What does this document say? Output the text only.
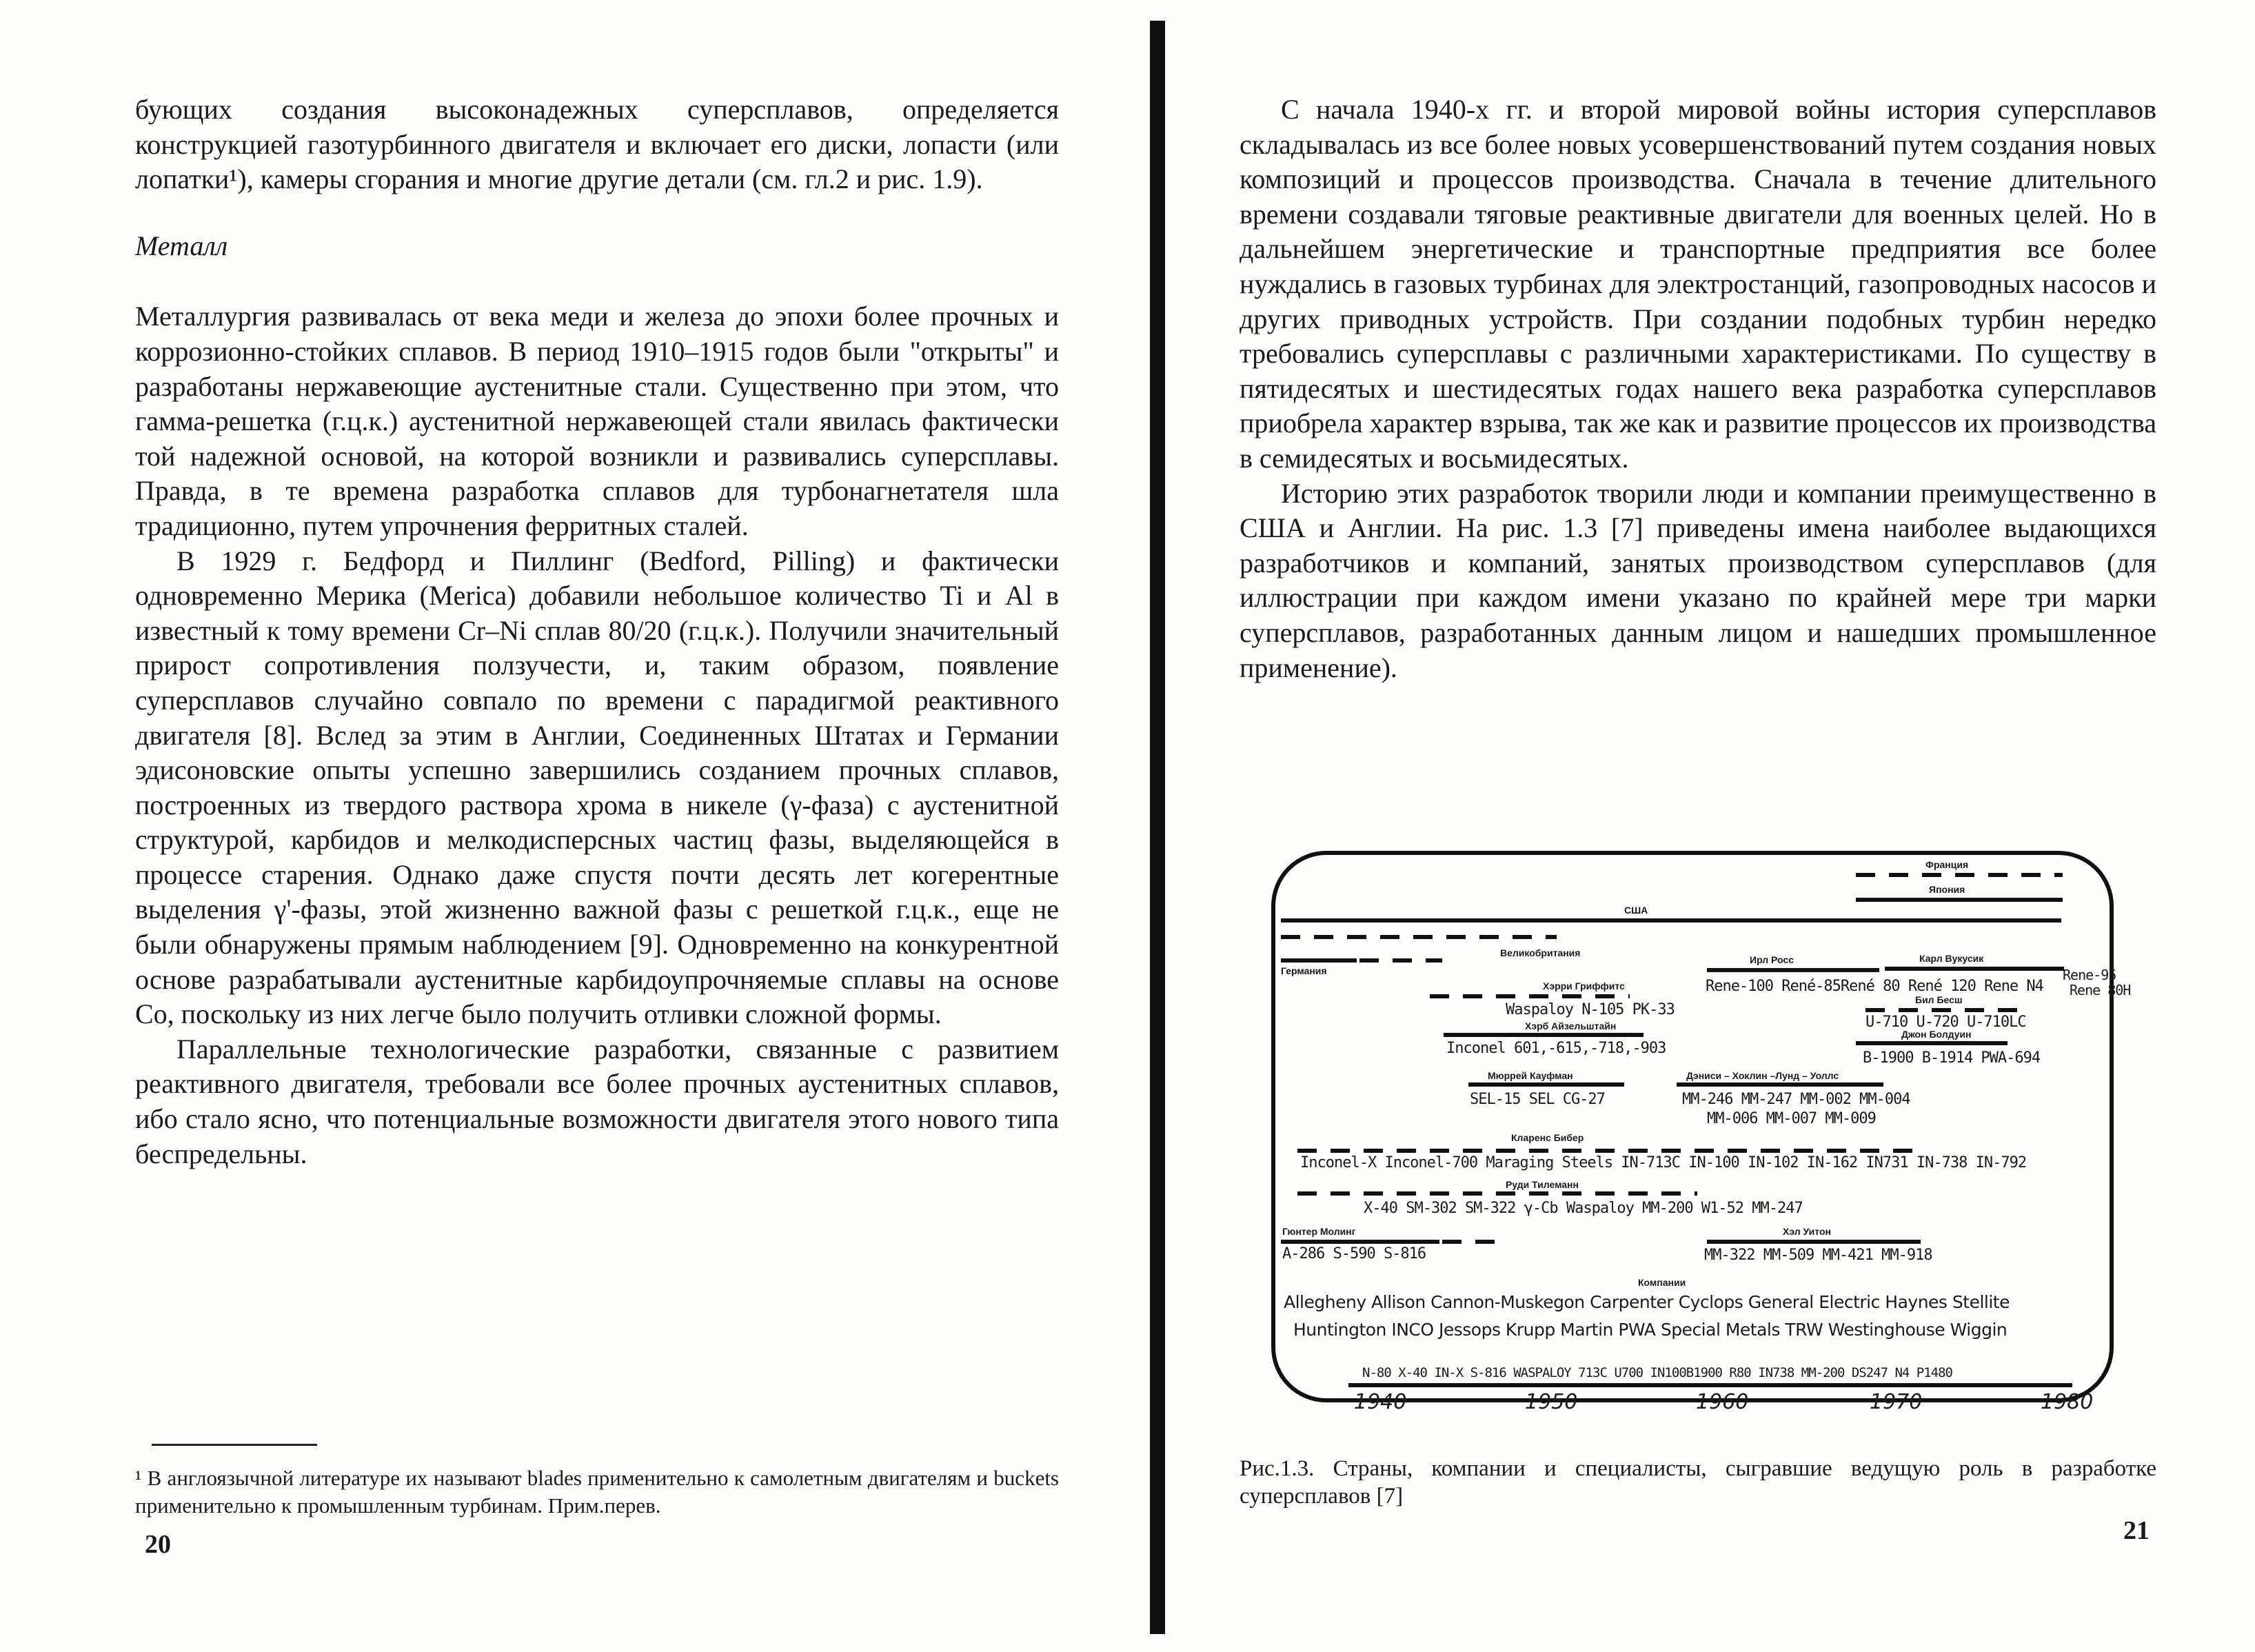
бующих создания высоконадежных суперсплавов, определяется конструкцией газотурбинного двигателя и включает его диски, лопасти (или лопатки¹), камеры сгорания и многие другие детали (см. гл.2 и рис. 1.9).

Металл

Металлургия развивалась от века меди и железа до эпохи более прочных и коррозионно-стойких сплавов. В период 1910–1915 годов были "открыты" и разработаны нержавеющие аустенитные стали. Существенно при этом, что гамма-решетка (г.ц.к.) аустенитной нержавеющей стали явилась фактически той надежной основой, на которой возникли и развивались суперсплавы. Правда, в те времена разработка сплавов для турбонагнетателя шла традиционно, путем упрочнения ферритных сталей.

В 1929 г. Бедфорд и Пиллинг (Bedford, Pilling) и фактически одновременно Мерика (Merica) добавили небольшое количество Ti и Al в известный к тому времени Cr–Ni сплав 80/20 (г.ц.к.). Получили значительный прирост сопротивления ползучести, и, таким образом, появление суперсплавов случайно совпало по времени с парадигмой реактивного двигателя [8]. Вслед за этим в Англии, Соединенных Штатах и Германии эдисоновские опыты успешно завершились созданием прочных сплавов, построенных из твердого раствора хрома в никеле (γ-фаза) с аустенитной структурой, карбидов и мелкодисперсных частиц фазы, выделяющейся в процессе старения. Однако даже спустя почти десять лет когерентные выделения γ'-фазы, этой жизненно важной фазы с решеткой г.ц.к., еще не были обнаружены прямым наблюдением [9]. Одновременно на конкурентной основе разрабатывали аустенитные карбидоупрочняемые сплавы на основе Co, поскольку из них легче было получить отливки сложной формы.

Параллельные технологические разработки, связанные с развитием реактивного двигателя, требовали все более прочных аустенитных сплавов, ибо стало ясно, что потенциальные возможности двигателя этого нового типа беспредельны.

¹ В англоязычной литературе их называют blades применительно к самолетным двигателям и buckets применительно к промышленным турбинам. Прим.перев.

20

С начала 1940-х гг. и второй мировой войны история суперсплавов складывалась из все более новых усовершенствований путем создания новых композиций и процессов производства. Сначала в течение длительного времени создавали тяговые реактивные двигатели для военных целей. Но в дальнейшем энергетические и транспортные предприятия все более нуждались в газовых турбинах для электростанций, газопроводных насосов и других приводных устройств. При создании подобных турбин нередко требовались суперсплавы с различными характеристиками. По существу в пятидесятых и шестидесятых годах нашего века разработка суперсплавов приобрела характер взрыва, так же как и развитие процессов их производства в семидесятых и восьмидесятых.

Историю этих разработок творили люди и компании преимущественно в США и Англии. На рис. 1.3 [7] приведены имена наиболее выдающихся разработчиков и компаний, занятых производством суперсплавов (для иллюстрации при каждом имени указано по крайней мере три марки суперсплавов, разработанных данным лицом и нашедших промышленное применение).

Франция
Япония
США
Великобритания
Германия
Ирл Росс	Карл Вукусик
Хэрри Гриффитс	Rene-100 René-85René 80 René 120 Rene N4
Rene-95
Rene 80H
Бил Бесш
Waspaloy N-105 PK-33
U-710 U-720 U-710LC
Хэрб Айзельштайн
Джон Болдуин
Inconel 601,-615,-718,-903
B-1900 B-1914 PWA-694
Мюррей Кауфман	Дэниси – Хоклин –Лунд – Уоллс
SEL-15 SEL CG-27	MM-246 MM-247 MM-002 MM-004
MM-006 MM-007 MM-009
Кларенс Бибер
Inconel-X Inconel-700 Maraging Steels IN-713C IN-100 IN-102 IN-162 IN731 IN-738 IN-792
Руди Тилеманн
X-40 SM-302 SM-322 γ-Cb Waspaloy MM-200 W1-52 MM-247
Гюнтер Молинг	Хэл Уитон
A-286 S-590 S-816	MM-322 MM-509 MM-421 MM-918
Компании
Allegheny Allison Cannon-Muskegon Carpenter Cyclops General Electric Haynes Stellite
Huntington INCO Jessops Krupp Martin PWA Special Metals TRW Westinghouse Wiggin
N-80 X-40 IN-X S-816 WASPALOY 713C U700 IN100B1900 R80 IN738 MM-200 DS247 N4 P1480
1940	1950	1960	1970	1980

Рис.1.3. Страны, компании и специалисты, сыгравшие ведущую роль в разработке суперсплавов [7]

21
